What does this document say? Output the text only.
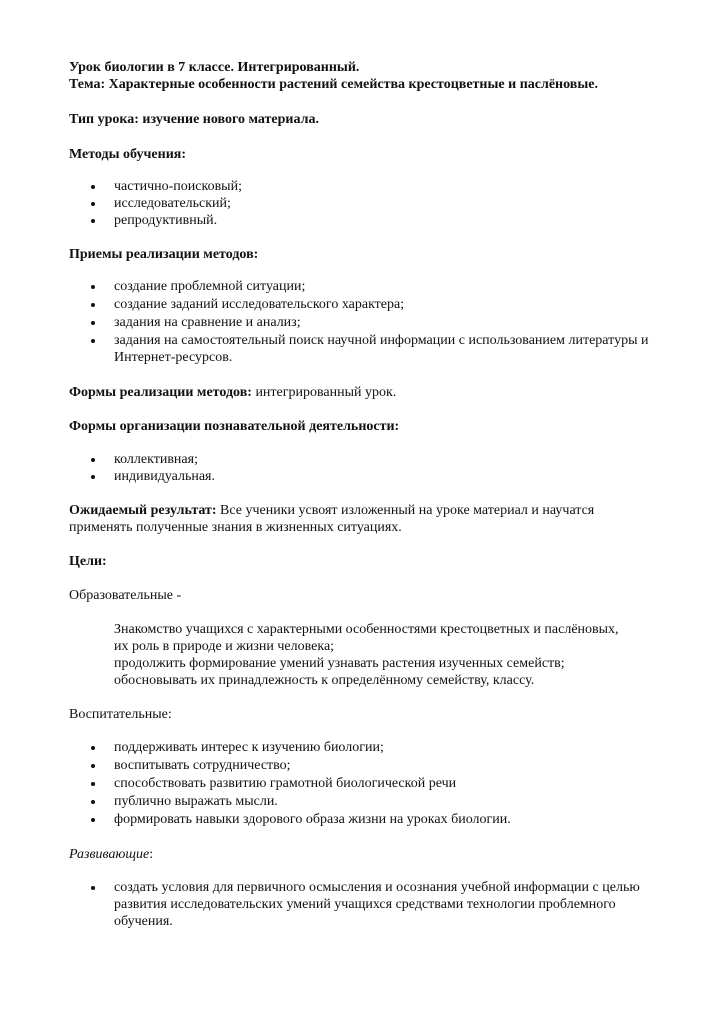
Урок биологии в 7 классе. Интегрированный.
Тема: Характерные особенности растений семейства крестоцветные и паслёновые.
Тип урока: изучение нового материала.
Методы обучения:
частично-поисковый;
исследовательский;
репродуктивный.
Приемы реализации методов:
создание проблемной ситуации;
создание заданий исследовательского характера;
задания на сравнение и анализ;
задания на самостоятельный поиск научной информации с использованием литературы и
Интернет-ресурсов.
Формы реализации методов: интегрированный урок.
Формы организации познавательной деятельности:
коллективная;
индивидуальная.
Ожидаемый результат: Все ученики усвоят изложенный на уроке материал и научатся
применять полученные знания в жизненных ситуациях.
Цели:
Образовательные -
Знакомство учащихся с характерными особенностями крестоцветных и паслёновых,
их роль в природе и жизни человека;
продолжить формирование умений узнавать растения изученных семейств;
обосновывать их принадлежность к определённому семейству, классу.
Воспитательные:
поддерживать интерес к изучению биологии;
воспитывать сотрудничество;
способствовать развитию грамотной биологической речи
публично выражать мысли.
формировать навыки здорового образа жизни на уроках биологии.
Развивающие:
создать условия для первичного осмысления и осознания учебной информации с целью
развития исследовательских умений учащихся средствами технологии проблемного
обучения.
